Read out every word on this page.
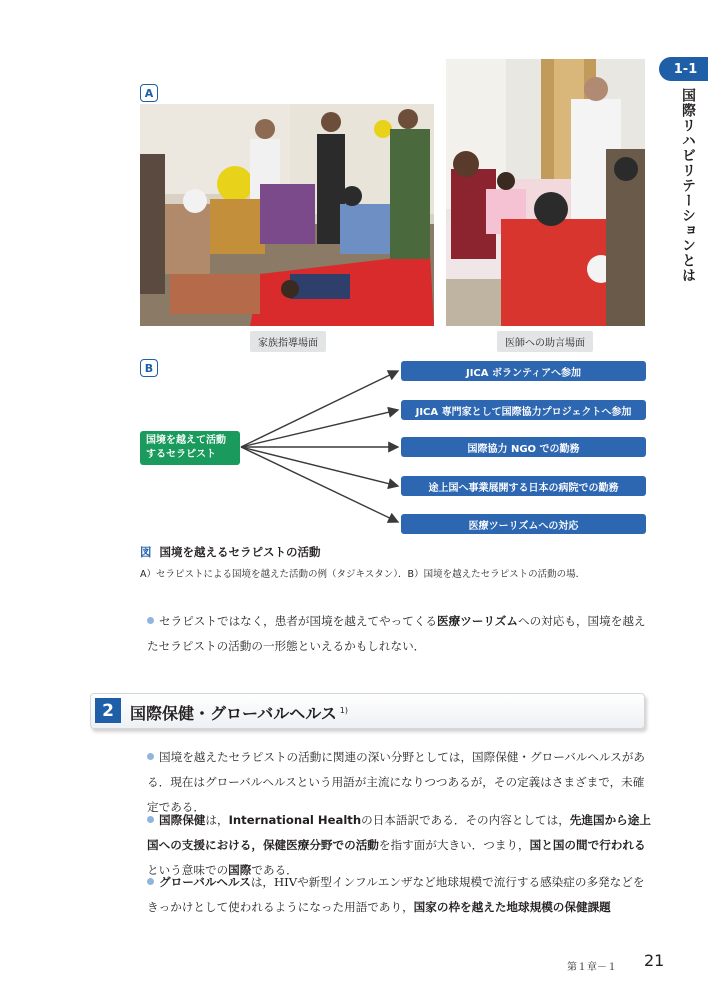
1-1
国際リハビリテーションとは
A
家族指導場面	医師への助言場面
B
国境を越えて活動するセラピスト
JICA ボランティアへ参加
JICA 専門家として国際協力プロジェクトへ参加
国際協力 NGO での勤務
途上国へ事業展開する日本の病院での勤務
医療ツーリズムへの対応
図 国境を越えるセラピストの活動
A）セラピストによる国境を越えた活動の例（タジキスタン）．B）国境を越えたセラピストの活動の場．
セラピストではなく，患者が国境を越えてやってくる医療ツーリズムへの対応も，国境を越えたセラピストの活動の一形態といえるかもしれない．
2	国際保健・グローバルヘルス $^{1)}$
国境を越えたセラピストの活動に関連の深い分野としては，国際保健・グローバルヘルスがある．現在はグローバルヘルスという用語が主流になりつつあるが，その定義はさまざまで，未確定である．
国際保健は，International Healthの日本語訳である．その内容としては，先進国から途上国への支援における，保健医療分野での活動を指す面が大きい．つまり，国と国の間で行われるという意味での国際である．
グローバルヘルスは，HIVや新型インフルエンザなど地球規模で流行する感染症の多発などをきっかけとして使われるようになった用語であり，国家の枠を越えた地球規模の保健課題
第１章－１ 21
